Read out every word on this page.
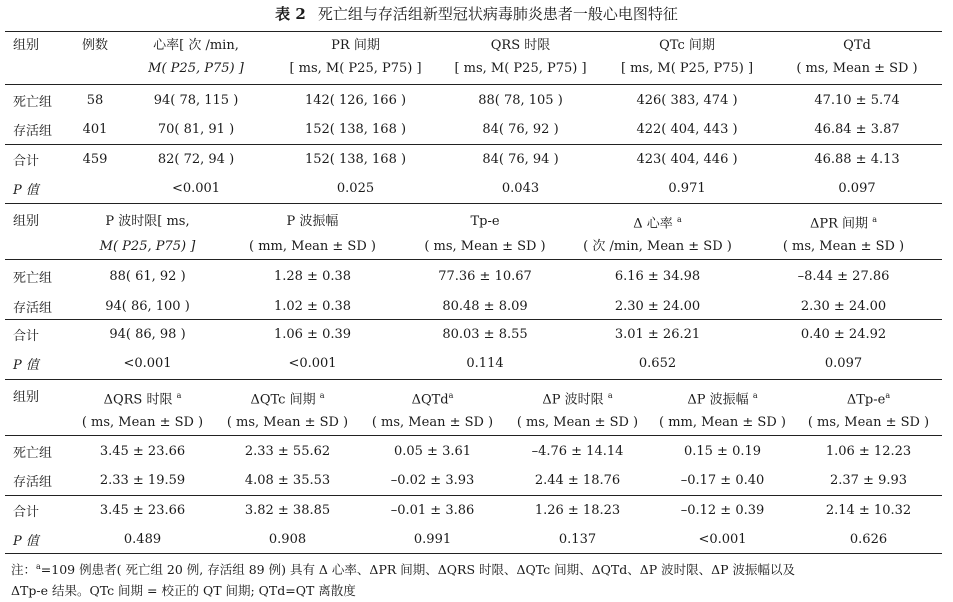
表 2 死亡组与存活组新型冠状病毒肺炎患者一般心电图特征
组别	例数	心率[ 次 /min,	PR 间期	QRS 时限	QTc 间期	QTd
		M( P25, P75) ]	[ ms, M( P25, P75) ]	[ ms, M( P25, P75) ]	[ ms, M( P25, P75) ]	( ms, Mean ± SD )
死亡组	58	94( 78, 115 )	142( 126, 166 )	88( 78, 105 )	426( 383, 474 )	47.10 ± 5.74
存活组	401	70( 81, 91 )	152( 138, 168 )	84( 76, 92 )	422( 404, 443 )	46.84 ± 3.87
合计	459	82( 72, 94 )	152( 138, 168 )	84( 76, 94 )	423( 404, 446 )	46.88 ± 4.13
P 值		<0.001	0.025	0.043	0.971	0.097
组别	P 波时限[ ms,	P 波振幅	Tp-e	Δ 心率 $^a$	ΔPR 间期 $^a$
	M( P25, P75) ]	( mm, Mean ± SD )	( ms, Mean ± SD )	( 次 /min, Mean ± SD )	( ms, Mean ± SD )
死亡组	88( 61, 92 )	1.28 ± 0.38	77.36 ± 10.67	6.16 ± 34.98	–8.44 ± 27.86
存活组	94( 86, 100 )	1.02 ± 0.38	80.48 ± 8.09	2.30 ± 24.00	2.30 ± 24.00
合计	94( 86, 98 )	1.06 ± 0.39	80.03 ± 8.55	3.01 ± 26.21	0.40 ± 24.92
P 值	<0.001	<0.001	0.114	0.652	0.097
组别	ΔQRS 时限 $^a$	ΔQTc 间期 $^a$	ΔQTd$^a$	ΔP 波时限 $^a$	ΔP 波振幅 $^a$	ΔTp-$e^a$
	( ms, Mean ± SD )	( ms, Mean ± SD )	( ms, Mean ± SD )	( ms, Mean ± SD )	( mm, Mean ± SD )	( ms, Mean ± SD )
死亡组	3.45 ± 23.66	2.33 ± 55.62	0.05 ± 3.61	–4.76 ± 14.14	0.15 ± 0.19	1.06 ± 12.23
存活组	2.33 ± 19.59	4.08 ± 35.53	–0.02 ± 3.93	2.44 ± 18.76	–0.17 ± 0.40	2.37 ± 9.93
合计	3.45 ± 23.66	3.82 ± 38.85	–0.01 ± 3.86	1.26 ± 18.23	–0.12 ± 0.39	2.14 ± 10.32
P 值	0.489	0.908	0.991	0.137	<0.001	0.626
注：$^a$=109 例患者( 死亡组 20 例, 存活组 89 例) 具有 Δ 心率、ΔPR 间期、ΔQRS 时限、ΔQTc 间期、ΔQTd、ΔP 波时限、ΔP 波振幅以及
ΔTp-e 结果。QTc 间期 = 校正的 QT 间期; QTd=QT 离散度
